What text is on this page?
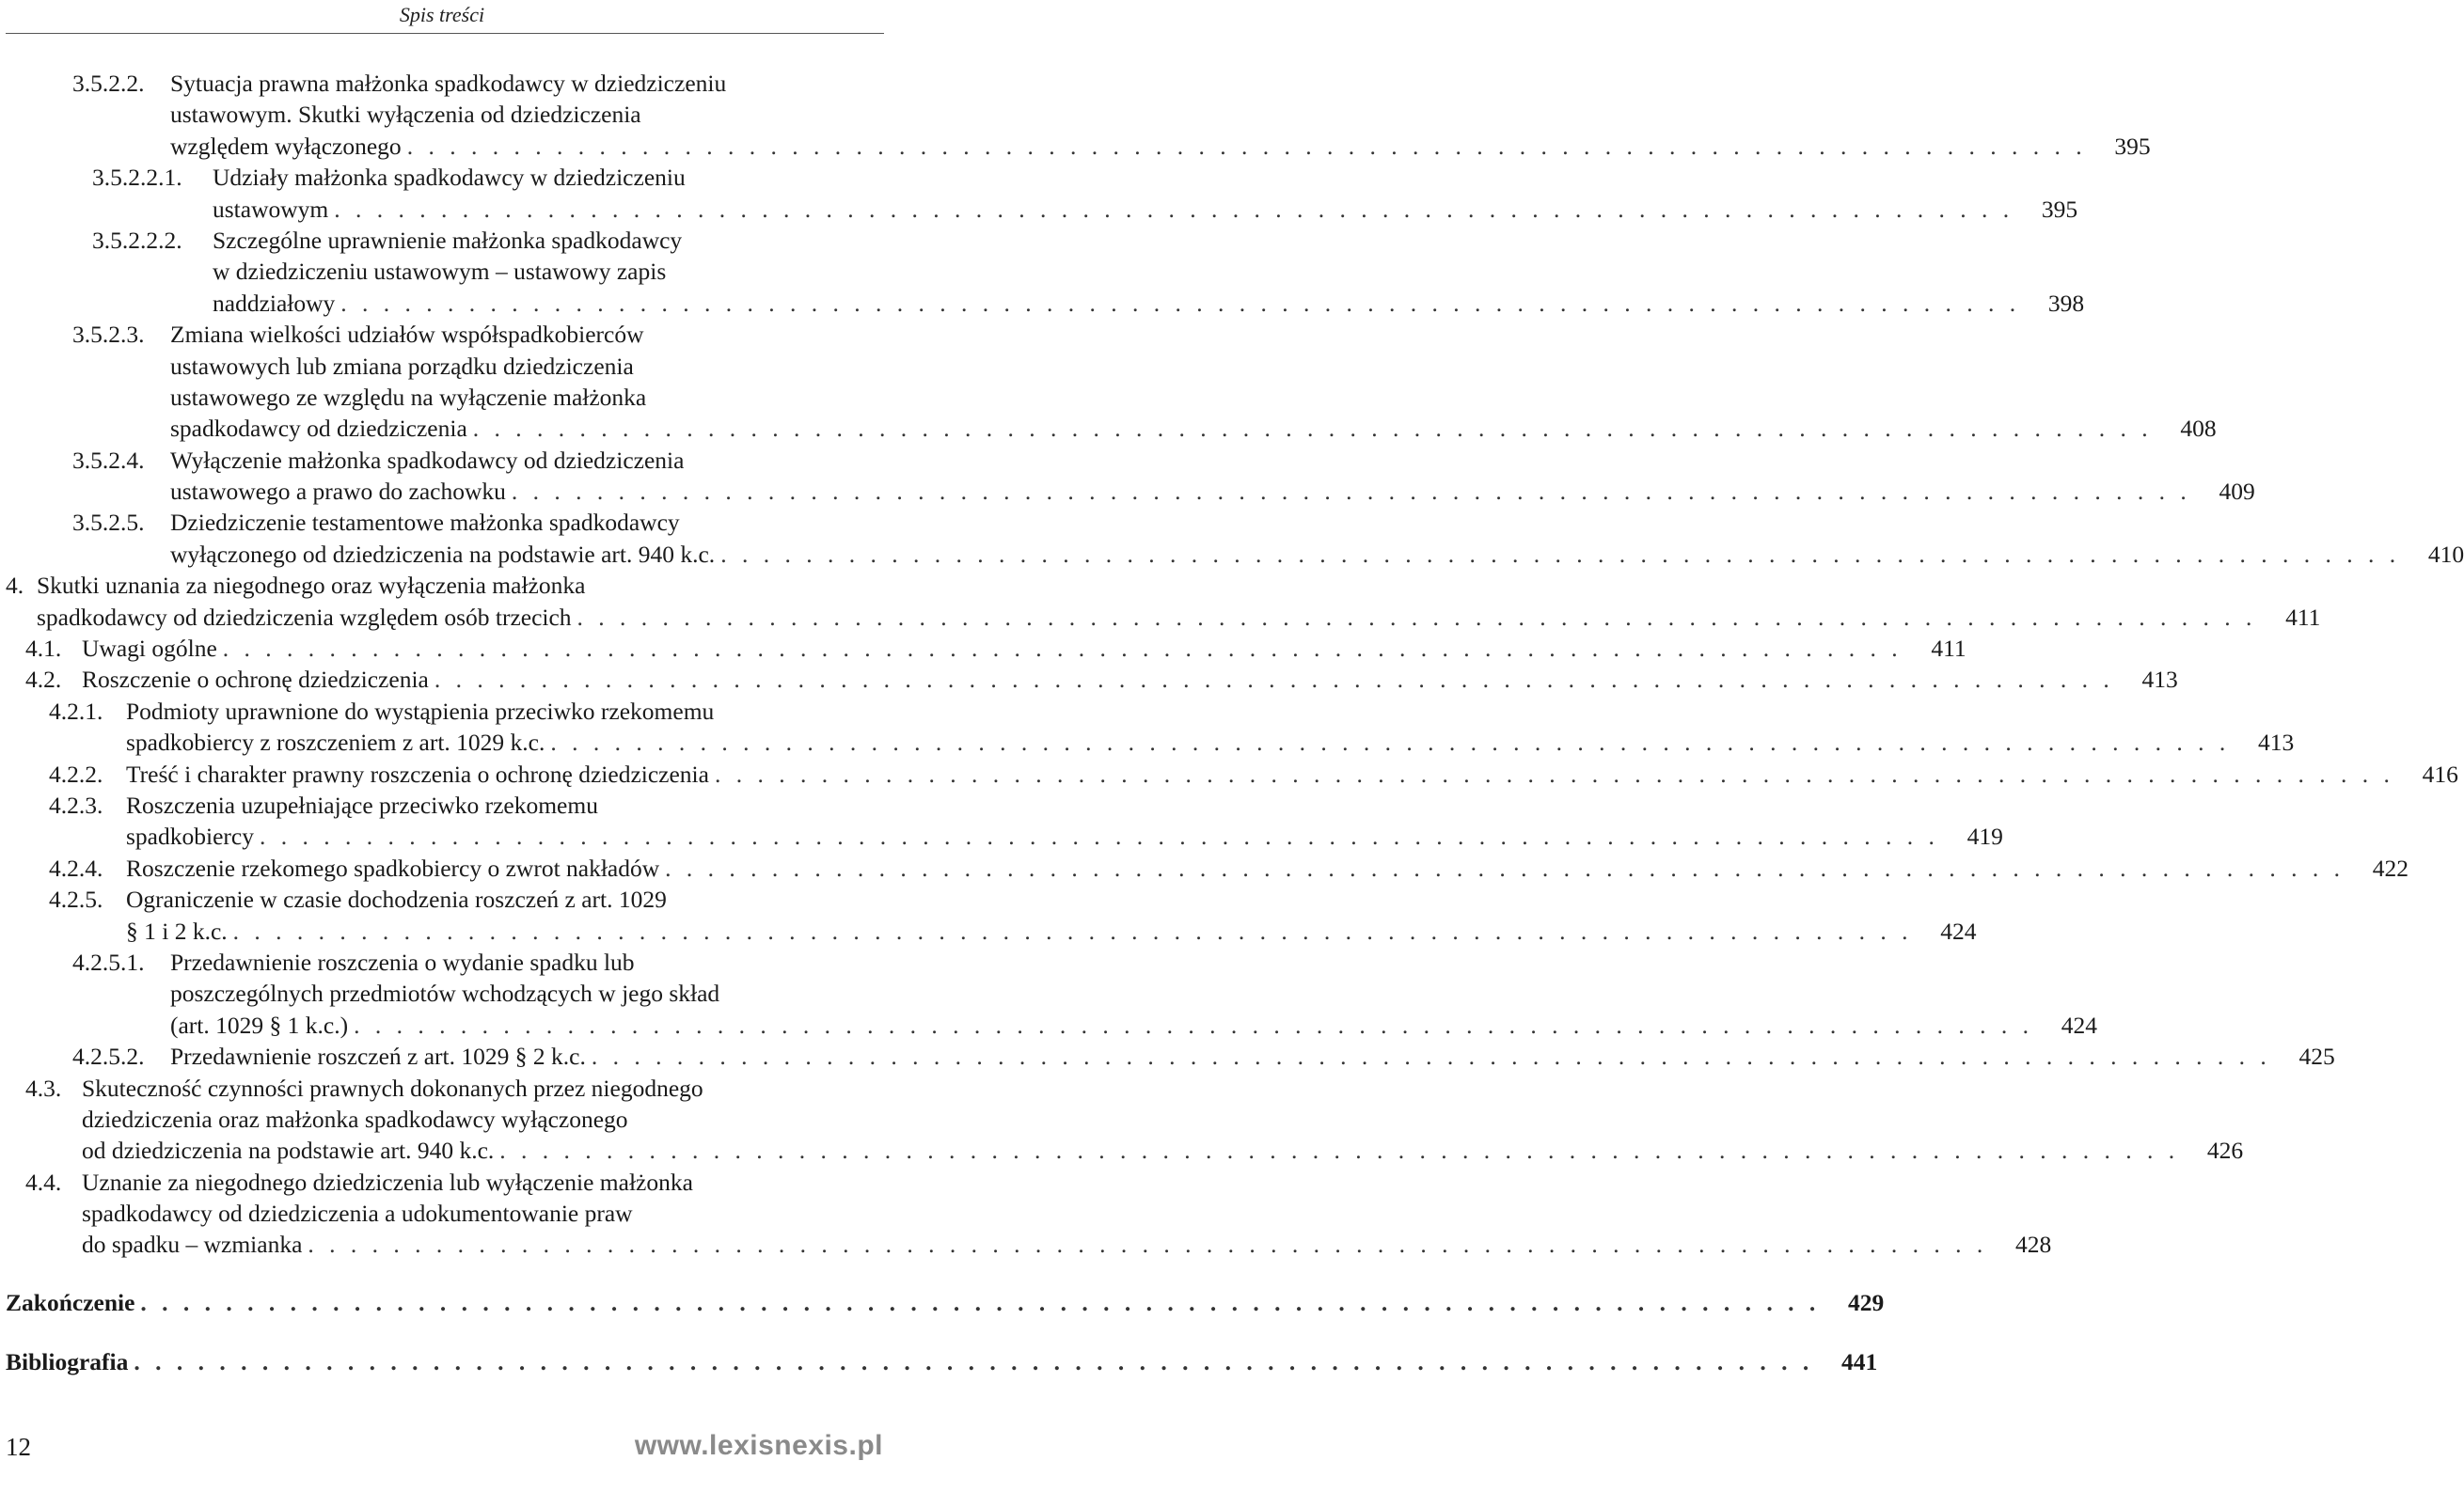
Spis treści
3.5.2.2. Sytuacja prawna małżonka spadkodawcy w dziedziczeniu
ustawowym. Skutki wyłączenia od dziedziczenia
względem wyłączonego . . . . . . . . . . . . . . . . . . . . . . . . . . . . . . . . . . . . . . . . . . . . . . . . . . . . . . . . . . . . . . . . . . . . . . . . . . . . . . .	395
3.5.2.2.1. Udziały małżonka spadkodawcy w dziedziczeniu
ustawowym . . . . . . . . . . . . . . . . . . . . . . . . . . . . . . . . . . . . . . . . . . . . . . . . . . . . . . . . . . . . . . . . . . . . . . . . . . . . . . .	395
3.5.2.2.2. Szczególne uprawnienie małżonka spadkodawcy
w dziedziczeniu ustawowym – ustawowy zapis
naddziałowy . . . . . . . . . . . . . . . . . . . . . . . . . . . . . . . . . . . . . . . . . . . . . . . . . . . . . . . . . . . . . . . . . . . . . . . . . . . . . . .	398
3.5.2.3. Zmiana wielkości udziałów współspadkobierców
ustawowych lub zmiana porządku dziedziczenia
ustawowego ze względu na wyłączenie małżonka
spadkodawcy od dziedziczenia . . . . . . . . . . . . . . . . . . . . . . . . . . . . . . . . . . . . . . . . . . . . . . . . . . . . . . . . . . . . . . . . . . . . . . . . . . . . . . .	408
3.5.2.4. Wyłączenie małżonka spadkodawcy od dziedziczenia
ustawowego a prawo do zachowku . . . . . . . . . . . . . . . . . . . . . . . . . . . . . . . . . . . . . . . . . . . . . . . . . . . . . . . . . . . . . . . . . . . . . . . . . . . . . . .	409
3.5.2.5. Dziedziczenie testamentowe małżonka spadkodawcy
wyłączonego od dziedziczenia na podstawie art. 940 k.c. . . . . . . . . . . . . . . . . . . . . . . . . . . . . . . . . . . . . . . . . . . . . . . . . . . . . . . . . . . . . . . . . . . . . . . . . . . . . . . .	410
4. Skutki uznania za niegodnego oraz wyłączenia małżonka
spadkodawcy od dziedziczenia względem osób trzecich . . . . . . . . . . . . . . . . . . . . . . . . . . . . . . . . . . . . . . . . . . . . . . . . . . . . . . . . . . . . . . . . . . . . . . . . . . . . . . .	411
4.1. Uwagi ogólne . . . . . . . . . . . . . . . . . . . . . . . . . . . . . . . . . . . . . . . . . . . . . . . . . . . . . . . . . . . . . . . . . . . . . . . . . . . . . . .	411
4.2. Roszczenie o ochronę dziedziczenia . . . . . . . . . . . . . . . . . . . . . . . . . . . . . . . . . . . . . . . . . . . . . . . . . . . . . . . . . . . . . . . . . . . . . . . . . . . . . . .	413
4.2.1. Podmioty uprawnione do wystąpienia przeciwko rzekomemu
spadkobiercy z roszczeniem z art. 1029 k.c. . . . . . . . . . . . . . . . . . . . . . . . . . . . . . . . . . . . . . . . . . . . . . . . . . . . . . . . . . . . . . . . . . . . . . . . . . . . . . . .	413
4.2.2. Treść i charakter prawny roszczenia o ochronę dziedziczenia . . . . . . . . . . . . . . . . . . . . . . . . . . . . . . . . . . . . . . . . . . . . . . . . . . . . . . . . . . . . . . . . . . . . . . . . . . . . . . .	416
4.2.3. Roszczenia uzupełniające przeciwko rzekomemu
spadkobiercy . . . . . . . . . . . . . . . . . . . . . . . . . . . . . . . . . . . . . . . . . . . . . . . . . . . . . . . . . . . . . . . . . . . . . . . . . . . . . . .	419
4.2.4. Roszczenie rzekomego spadkobiercy o zwrot nakładów . . . . . . . . . . . . . . . . . . . . . . . . . . . . . . . . . . . . . . . . . . . . . . . . . . . . . . . . . . . . . . . . . . . . . . . . . . . . . . .	422
4.2.5. Ograniczenie w czasie dochodzenia roszczeń z art. 1029
§ 1 i 2 k.c. . . . . . . . . . . . . . . . . . . . . . . . . . . . . . . . . . . . . . . . . . . . . . . . . . . . . . . . . . . . . . . . . . . . . . . . . . . . . . . .	424
4.2.5.1. Przedawnienie roszczenia o wydanie spadku lub
poszczególnych przedmiotów wchodzących w jego skład
(art. 1029 § 1 k.c.) . . . . . . . . . . . . . . . . . . . . . . . . . . . . . . . . . . . . . . . . . . . . . . . . . . . . . . . . . . . . . . . . . . . . . . . . . . . . . . .	424
4.2.5.2. Przedawnienie roszczeń z art. 1029 § 2 k.c. . . . . . . . . . . . . . . . . . . . . . . . . . . . . . . . . . . . . . . . . . . . . . . . . . . . . . . . . . . . . . . . . . . . . . . . . . . . . . . .	425
4.3. Skuteczność czynności prawnych dokonanych przez niegodnego
dziedziczenia oraz małżonka spadkodawcy wyłączonego
od dziedziczenia na podstawie art. 940 k.c. . . . . . . . . . . . . . . . . . . . . . . . . . . . . . . . . . . . . . . . . . . . . . . . . . . . . . . . . . . . . . . . . . . . . . . . . . . . . . . .	426
4.4. Uznanie za niegodnego dziedziczenia lub wyłączenie małżonka
spadkodawcy od dziedziczenia a udokumentowanie praw
do spadku – wzmianka . . . . . . . . . . . . . . . . . . . . . . . . . . . . . . . . . . . . . . . . . . . . . . . . . . . . . . . . . . . . . . . . . . . . . . . . . . . . . . .	428
Zakończenie . . . . . . . . . . . . . . . . . . . . . . . . . . . . . . . . . . . . . . . . . . . . . . . . . . . . . . . . . . . . . . . . . . . . . . . . . . . . . . .	429
Bibliografia . . . . . . . . . . . . . . . . . . . . . . . . . . . . . . . . . . . . . . . . . . . . . . . . . . . . . . . . . . . . . . . . . . . . . . . . . . . . . . .	441
12	www.lexisnexis.pl
